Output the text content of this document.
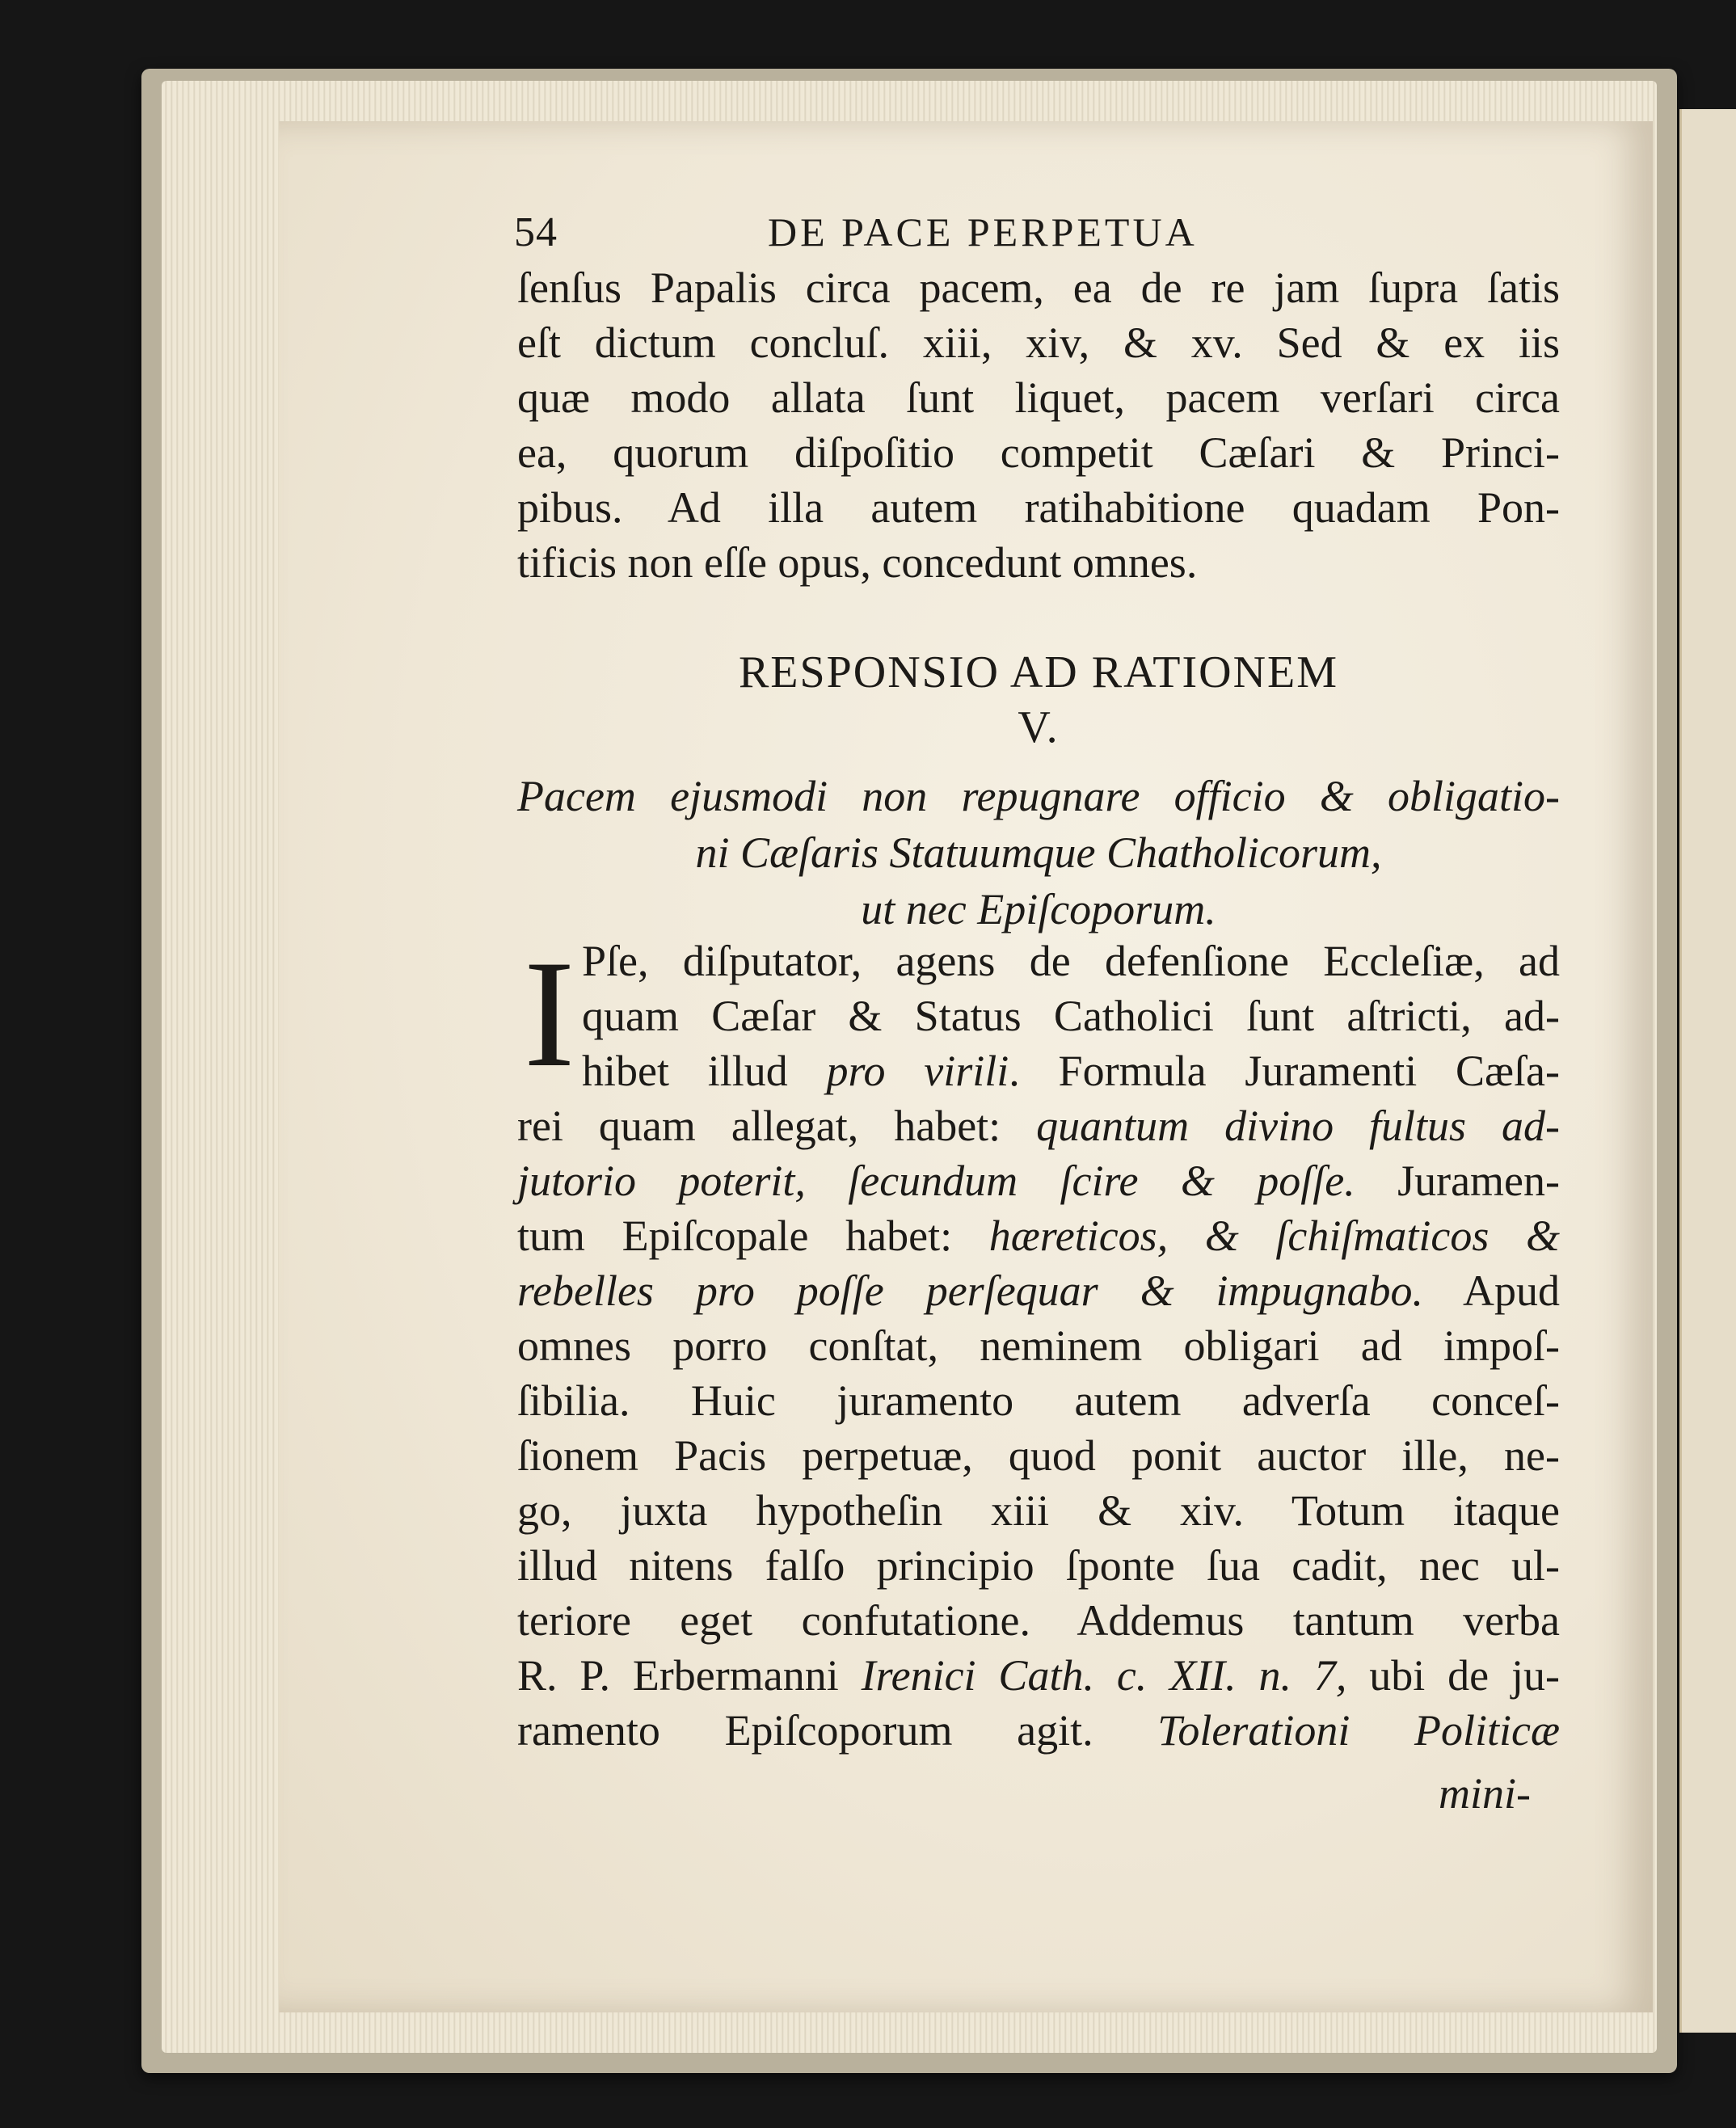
54	DE PACE PERPETUA
ſenſus Papalis circa pacem, ea de re jam ſupra ſatis
eſt dictum concluſ. xiii, xiv, & xv. Sed & ex iis
quæ modo allata ſunt liquet, pacem verſari circa
ea, quorum diſpoſitio competit Cæſari & Princi-
pibus. Ad illa autem ratihabitione quadam Pon-
tificis non eſſe opus, concedunt omnes.
RESPONSIO AD RATIONEM
V.
Pacem ejusmodi non repugnare officio & obligatio-
ni Cæſaris Statuumque Chatholicorum,
ut nec Epiſcoporum.
I Pſe, diſputator, agens de defenſione Eccleſiæ, ad
quam Cæſar & Status Catholici ſunt aſtricti, ad-
hibet illud pro virili. Formula Juramenti Cæſa-
rei quam allegat, habet: quantum divino fultus ad-
jutorio poterit, ſecundum ſcire & poſſe. Juramen-
tum Epiſcopale habet: hæreticos, & ſchiſmaticos &
rebelles pro poſſe perſequar & impugnabo. Apud
omnes porro conſtat, neminem obligari ad impoſ-
ſibilia. Huic juramento autem adverſa conceſ-
ſionem Pacis perpetuæ, quod ponit auctor ille, ne-
go, juxta hypotheſin xiii & xiv. Totum itaque
illud nitens falſo principio ſponte ſua cadit, nec ul-
teriore eget confutatione. Addemus tantum verba
R. P. Erbermanni Irenici Cath. c. XII. n. 7, ubi de ju-
ramento Epiſcoporum agit. Tolerationi Politicæ
mini-
